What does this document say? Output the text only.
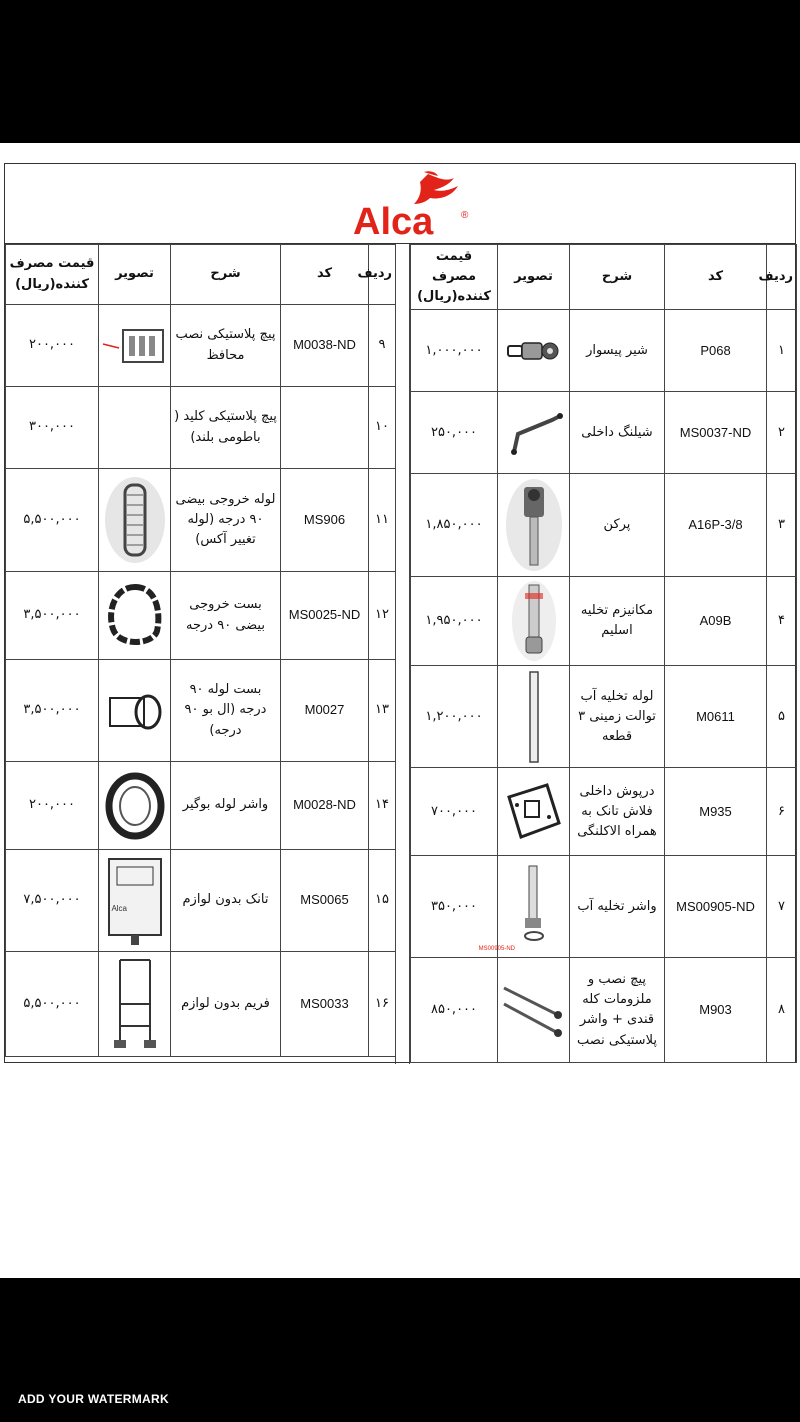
Alca	®
ردیف	کد	شرح	تصویر	قیمت مصرف
کننده(ریال)

۱	P068	شیر پیسوار		۱,۰۰۰,۰۰۰
۲	MS0037-ND	شیلنگ داخلی		۲۵۰,۰۰۰
۳	A16P-3/8	پرکن		۱,۸۵۰,۰۰۰
۴	A09B	مکانیزم تخلیه اسلیم		۱,۹۵۰,۰۰۰
۵	M0611	لوله تخلیه آب توالت زمینی ۳ قطعه		۱,۲۰۰,۰۰۰
۶	M935	درپوش داخلی فلاش تانک به همراه الاکلنگی		۷۰۰,۰۰۰
۷	MS00905-ND	واشر تخلیه آب	MS00905-ND	۳۵۰,۰۰۰
۸	M903	پیچ نصب و ملزومات کله قندی + واشر پلاستیکی نصب		۸۵۰,۰۰۰
ردیف	کد	شرح	تصویر	قیمت مصرف
کننده(ریال)

۹	M0038-ND	پیچ پلاستیکی نصب محافظ		۲۰۰,۰۰۰
۱۰		پیچ پلاستیکی کلید ( باطومی بلند)		۳۰۰,۰۰۰
۱۱	MS906	لوله خروجی بیضی ۹۰ درجه (لوله تغییر آکس)		۵,۵۰۰,۰۰۰
۱۲	MS0025-ND	بست خروجی بیضی ۹۰ درجه		۳,۵۰۰,۰۰۰
۱۳	M0027	بست لوله ۹۰ درجه (ال بو ۹۰ درجه)		۳,۵۰۰,۰۰۰
۱۴	M0028-ND	واشر لوله بوگیر		۲۰۰,۰۰۰
۱۵	MS0065	تانک بدون لوازم	Alca	۷,۵۰۰,۰۰۰
۱۶	MS0033	فریم بدون لوازم		۵,۵۰۰,۰۰۰
ADD YOUR WATERMARK
